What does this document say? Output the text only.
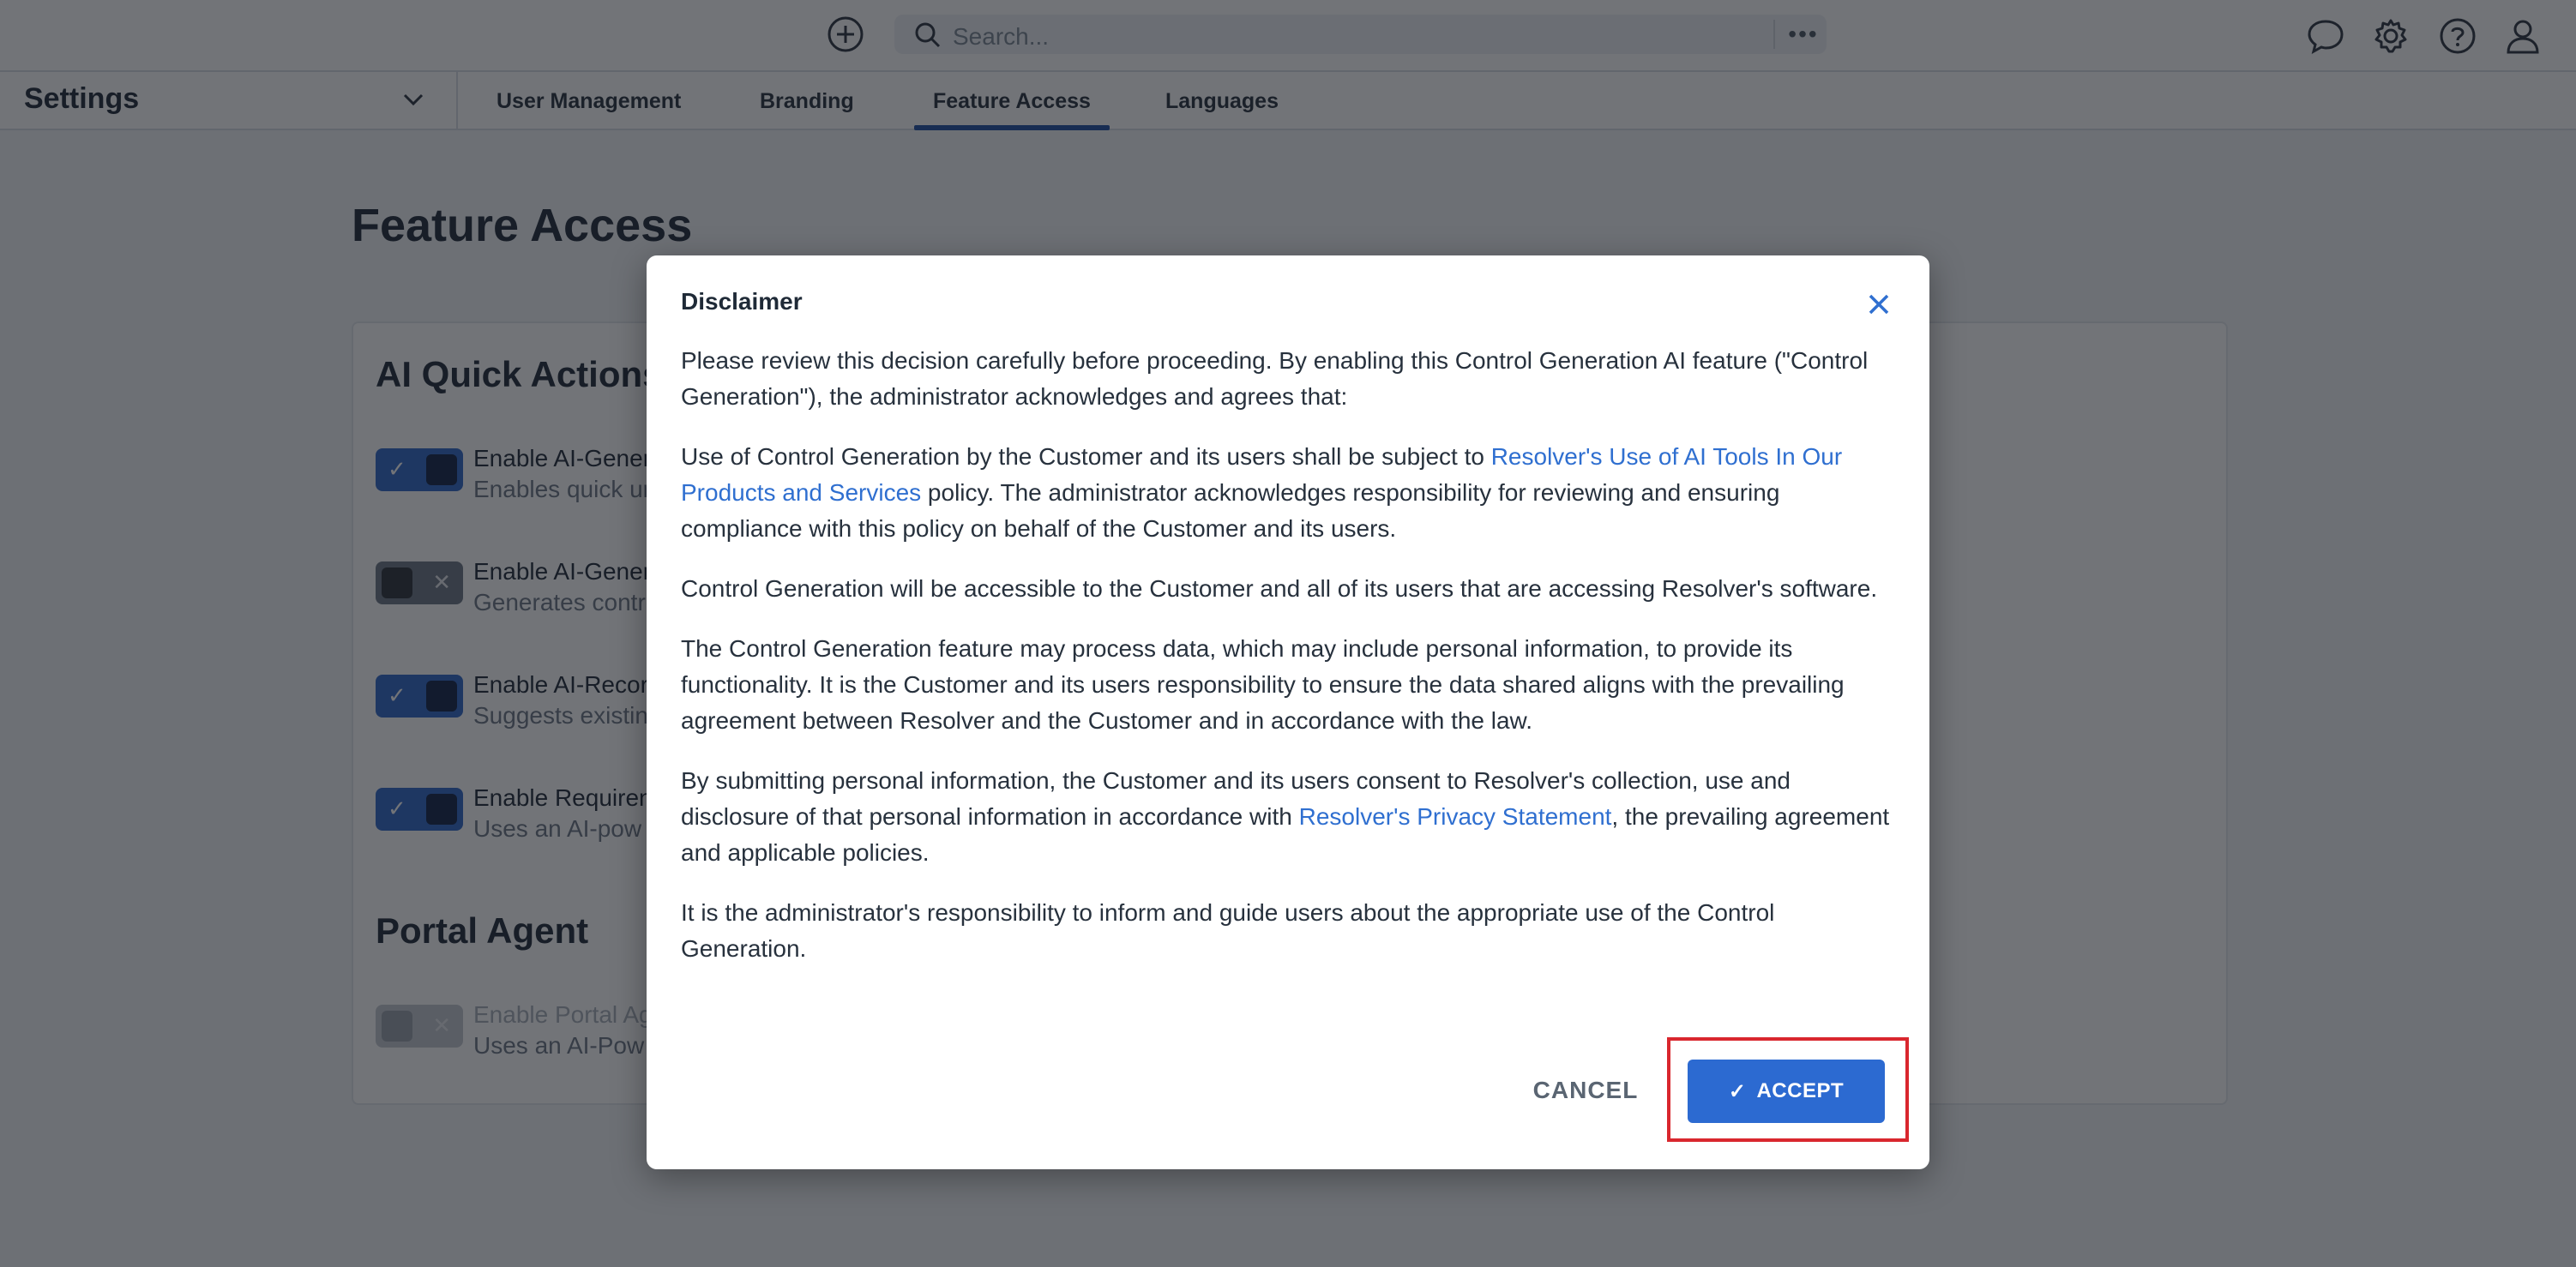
Disclaimer

Please review this decision carefully before proceeding. By enabling this Control Generation AI feature ("Control Generation"), the administrator acknowledges and agrees that:

Use of Control Generation by the Customer and its users shall be subject to Resolver's Use of AI Tools In Our Products and Services policy. The administrator acknowledges responsibility for reviewing and ensuring compliance with this policy on behalf of the Customer and its users.

Control Generation will be accessible to the Customer and all of its users that are accessing Resolver's software.

The Control Generation feature may process data, which may include personal information, to provide its functionality. It is the Customer and its users responsibility to ensure the data shared aligns with the prevailing agreement between Resolver and the Customer and in accordance with the law.

By submitting personal information, the Customer and its users consent to Resolver's collection, use and disclosure of that personal information in accordance with Resolver's Privacy Statement, the prevailing agreement and applicable policies.

It is the administrator's responsibility to inform and guide users about the appropriate use of the Control Generation.

CANCEL	✓ ACCEPT
